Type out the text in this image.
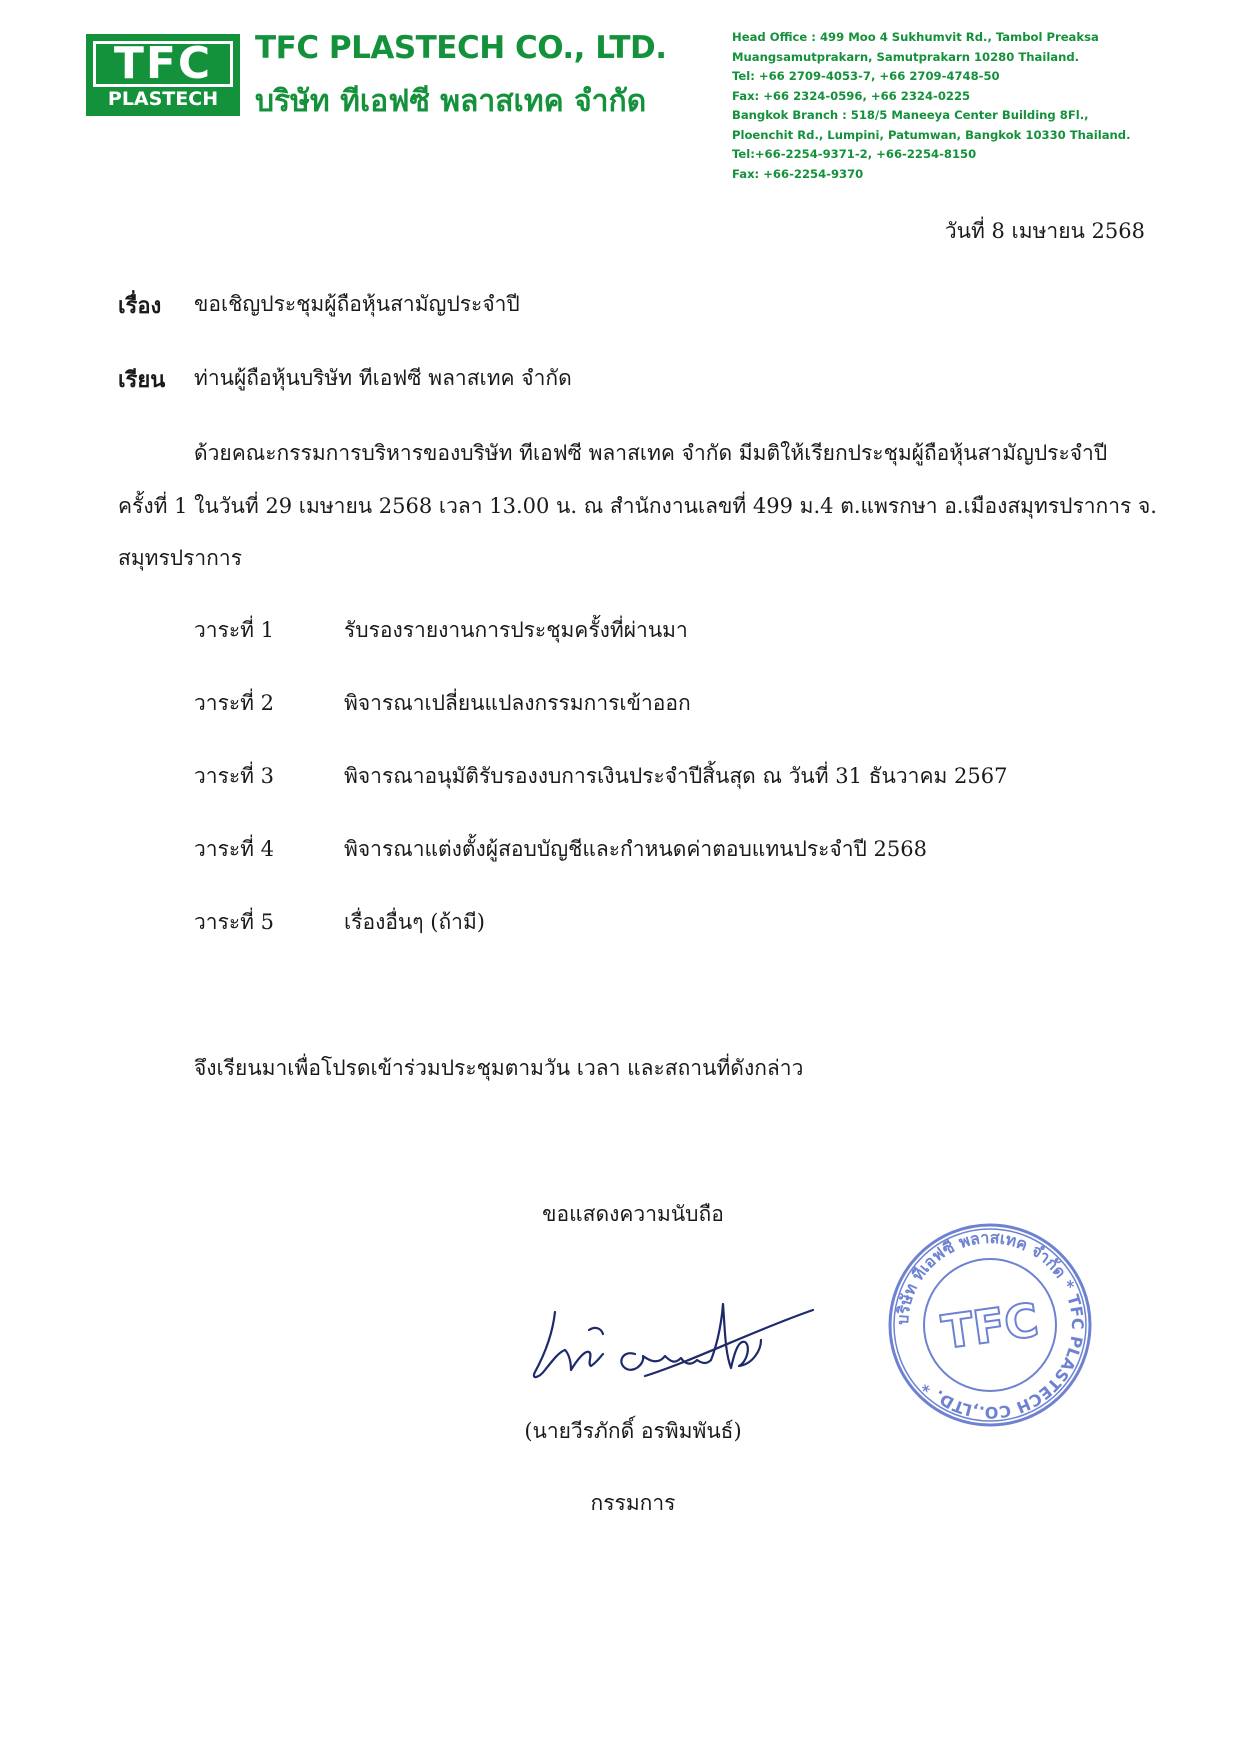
TFC
PLASTECH
TFC PLASTECH CO., LTD.
บริษัท ทีเอฟซี พลาสเทค จำกัด
Head Office : 499 Moo 4 Sukhumvit Rd., Tambol Preaksa
Muangsamutprakarn, Samutprakarn 10280 Thailand.
Tel: +66 2709-4053-7, +66 2709-4748-50
Fax: +66 2324-0596, +66 2324-0225
Bangkok Branch : 518/5 Maneeya Center Building 8Fl.,
Ploenchit Rd., Lumpini, Patumwan, Bangkok 10330 Thailand.
Tel:+66-2254-9371-2, +66-2254-8150
Fax: +66-2254-9370
วันที่ 8 เมษายน 2568
เรื่อง ขอเชิญประชุมผู้ถือหุ้นสามัญประจำปี
เรียน ท่านผู้ถือหุ้นบริษัท ทีเอฟซี พลาสเทค จำกัด
ด้วยคณะกรรมการบริหารของบริษัท ทีเอฟซี พลาสเทค จำกัด มีมติให้เรียกประชุมผู้ถือหุ้นสามัญประจำปี
ครั้งที่ 1 ในวันที่ 29 เมษายน 2568 เวลา 13.00 น. ณ สำนักงานเลขที่ 499 ม.4 ต.แพรกษา อ.เมืองสมุทรปราการ จ.
สมุทรปราการ
วาระที่ 1	รับรองรายงานการประชุมครั้งที่ผ่านมา
วาระที่ 2	พิจารณาเปลี่ยนแปลงกรรมการเข้าออก
วาระที่ 3	พิจารณาอนุมัติรับรองงบการเงินประจำปีสิ้นสุด ณ วันที่ 31 ธันวาคม 2567
วาระที่ 4	พิจารณาแต่งตั้งผู้สอบบัญชีและกำหนดค่าตอบแทนประจำปี 2568
วาระที่ 5	เรื่องอื่นๆ (ถ้ามี)
จึงเรียนมาเพื่อโปรดเข้าร่วมประชุมตามวัน เวลา และสถานที่ดังกล่าว
ขอแสดงความนับถือ
(นายวีรภักดิ์ อรพิมพันธ์)
กรรมการ
บริษัท ทีเอฟซี พลาสเทค จำกัด * TFC PLASTECH CO.,LTD. *
TFC
